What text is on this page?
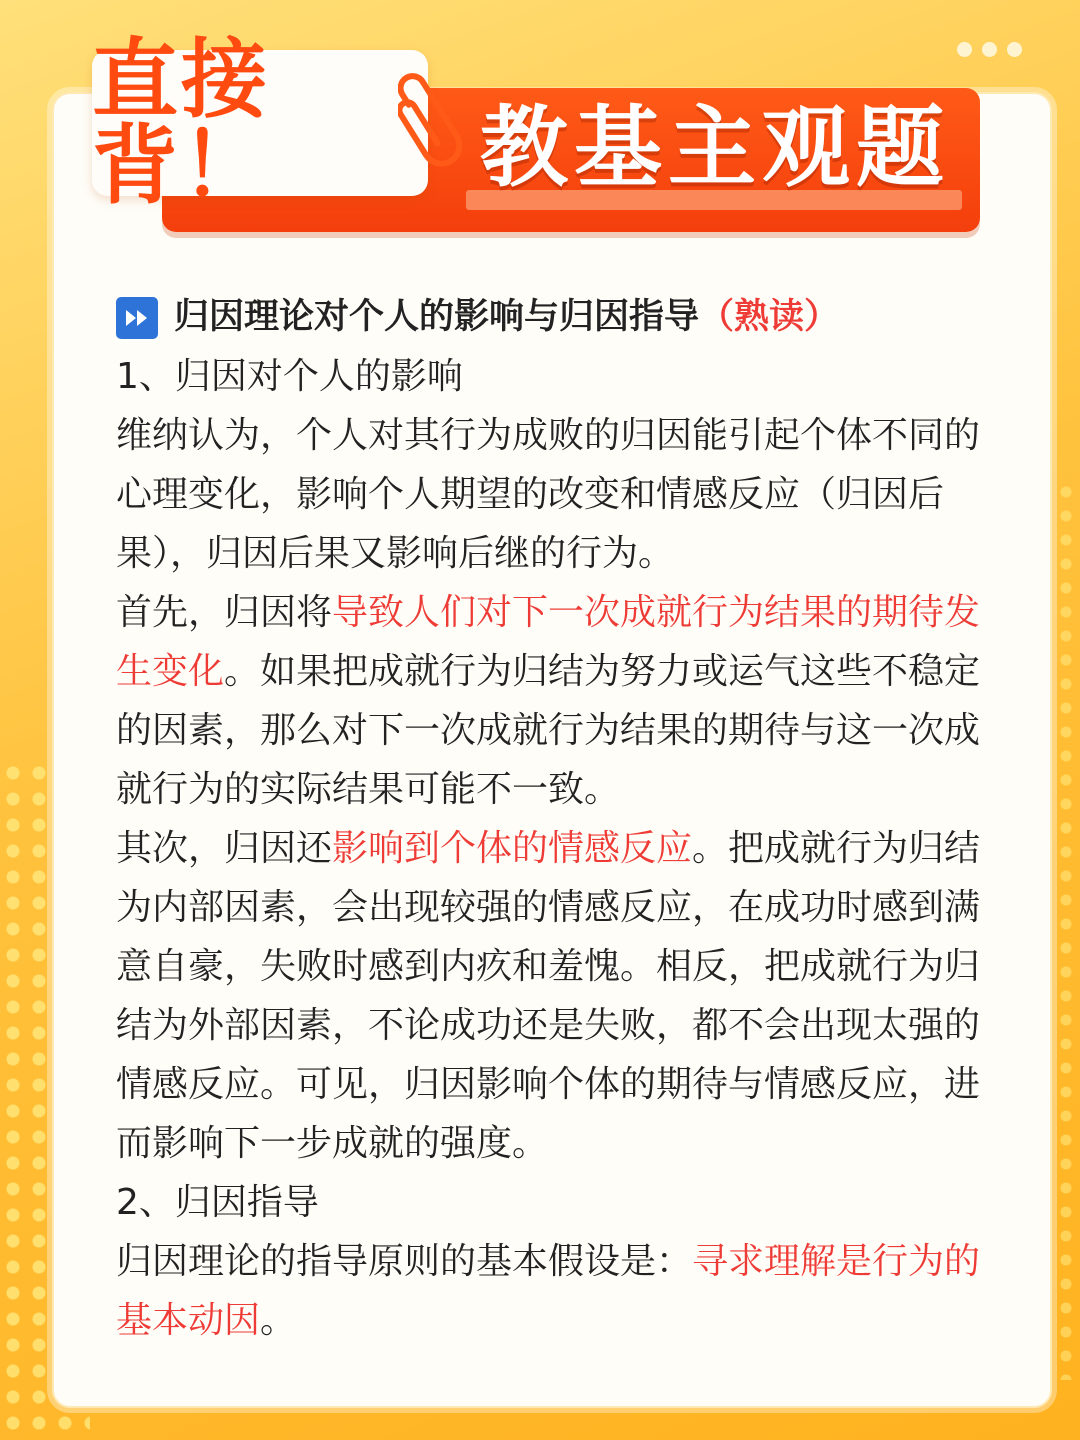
教基主观题
直接背！
归因理论对个人的影响与归因指导 （熟读）

1、归因对个人的影响

维纳认为，个人对其行为成败的归因能引起个体不同的心理变化，影响个人期望的改变和情感反应（归因后果），归因后果又影响后继的行为。

首先，归因将导致人们对下一次成就行为结果的期待发生变化。如果把成就行为归结为努力或运气这些不稳定的因素，那么对下一次成就行为结果的期待与这一次成就行为的实际结果可能不一致。

其次，归因还影响到个体的情感反应。把成就行为归结为内部因素，会出现较强的情感反应，在成功时感到满意自豪，失败时感到内疚和羞愧。相反，把成就行为归结为外部因素，不论成功还是失败，都不会出现太强的情感反应。可见，归因影响个体的期待与情感反应，进而影响下一步成就的强度。

2、归因指导

归因理论的指导原则的基本假设是：寻求理解是行为的基本动因。
